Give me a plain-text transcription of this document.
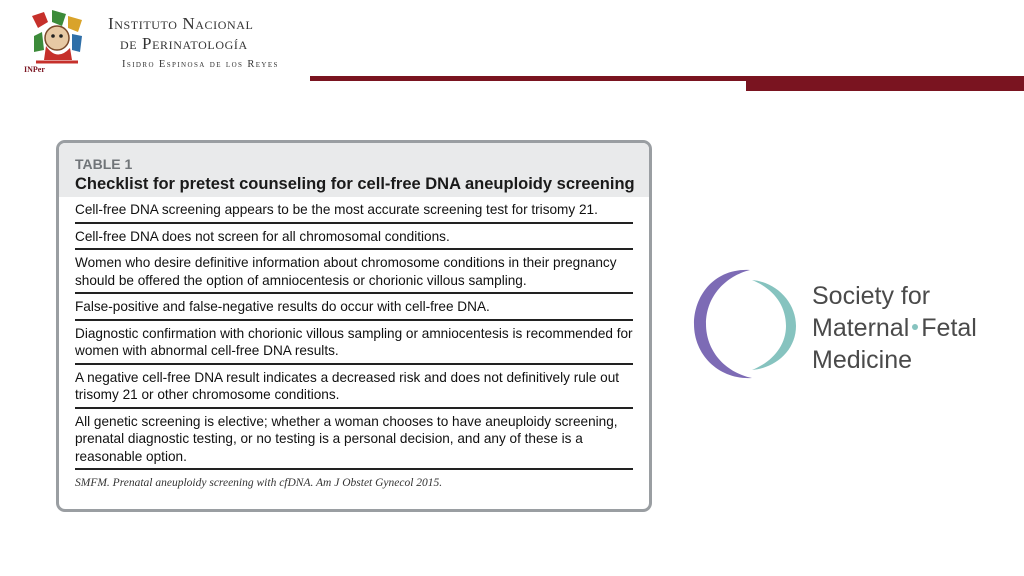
INPer
Instituto Nacional
de Perinatología
Isidro Espinosa de los Reyes
TABLE 1
Checklist for pretest counseling for cell-free DNA aneuploidy screening
Cell-free DNA screening appears to be the most accurate screening test for trisomy 21.
Cell-free DNA does not screen for all chromosomal conditions.
Women who desire definitive information about chromosome conditions in their pregnancy should be offered the option of amniocentesis or chorionic villous sampling.
False-positive and false-negative results do occur with cell-free DNA.
Diagnostic confirmation with chorionic villous sampling or amniocentesis is recommended for women with abnormal cell-free DNA results.
A negative cell-free DNA result indicates a decreased risk and does not definitively rule out trisomy 21 or other chromosome conditions.
All genetic screening is elective; whether a woman chooses to have aneuploidy screening, prenatal diagnostic testing, or no testing is a personal decision, and any of these is a reasonable option.
SMFM. Prenatal aneuploidy screening with cfDNA. Am J Obstet Gynecol 2015.
Society for
Maternal Fetal
Medicine
